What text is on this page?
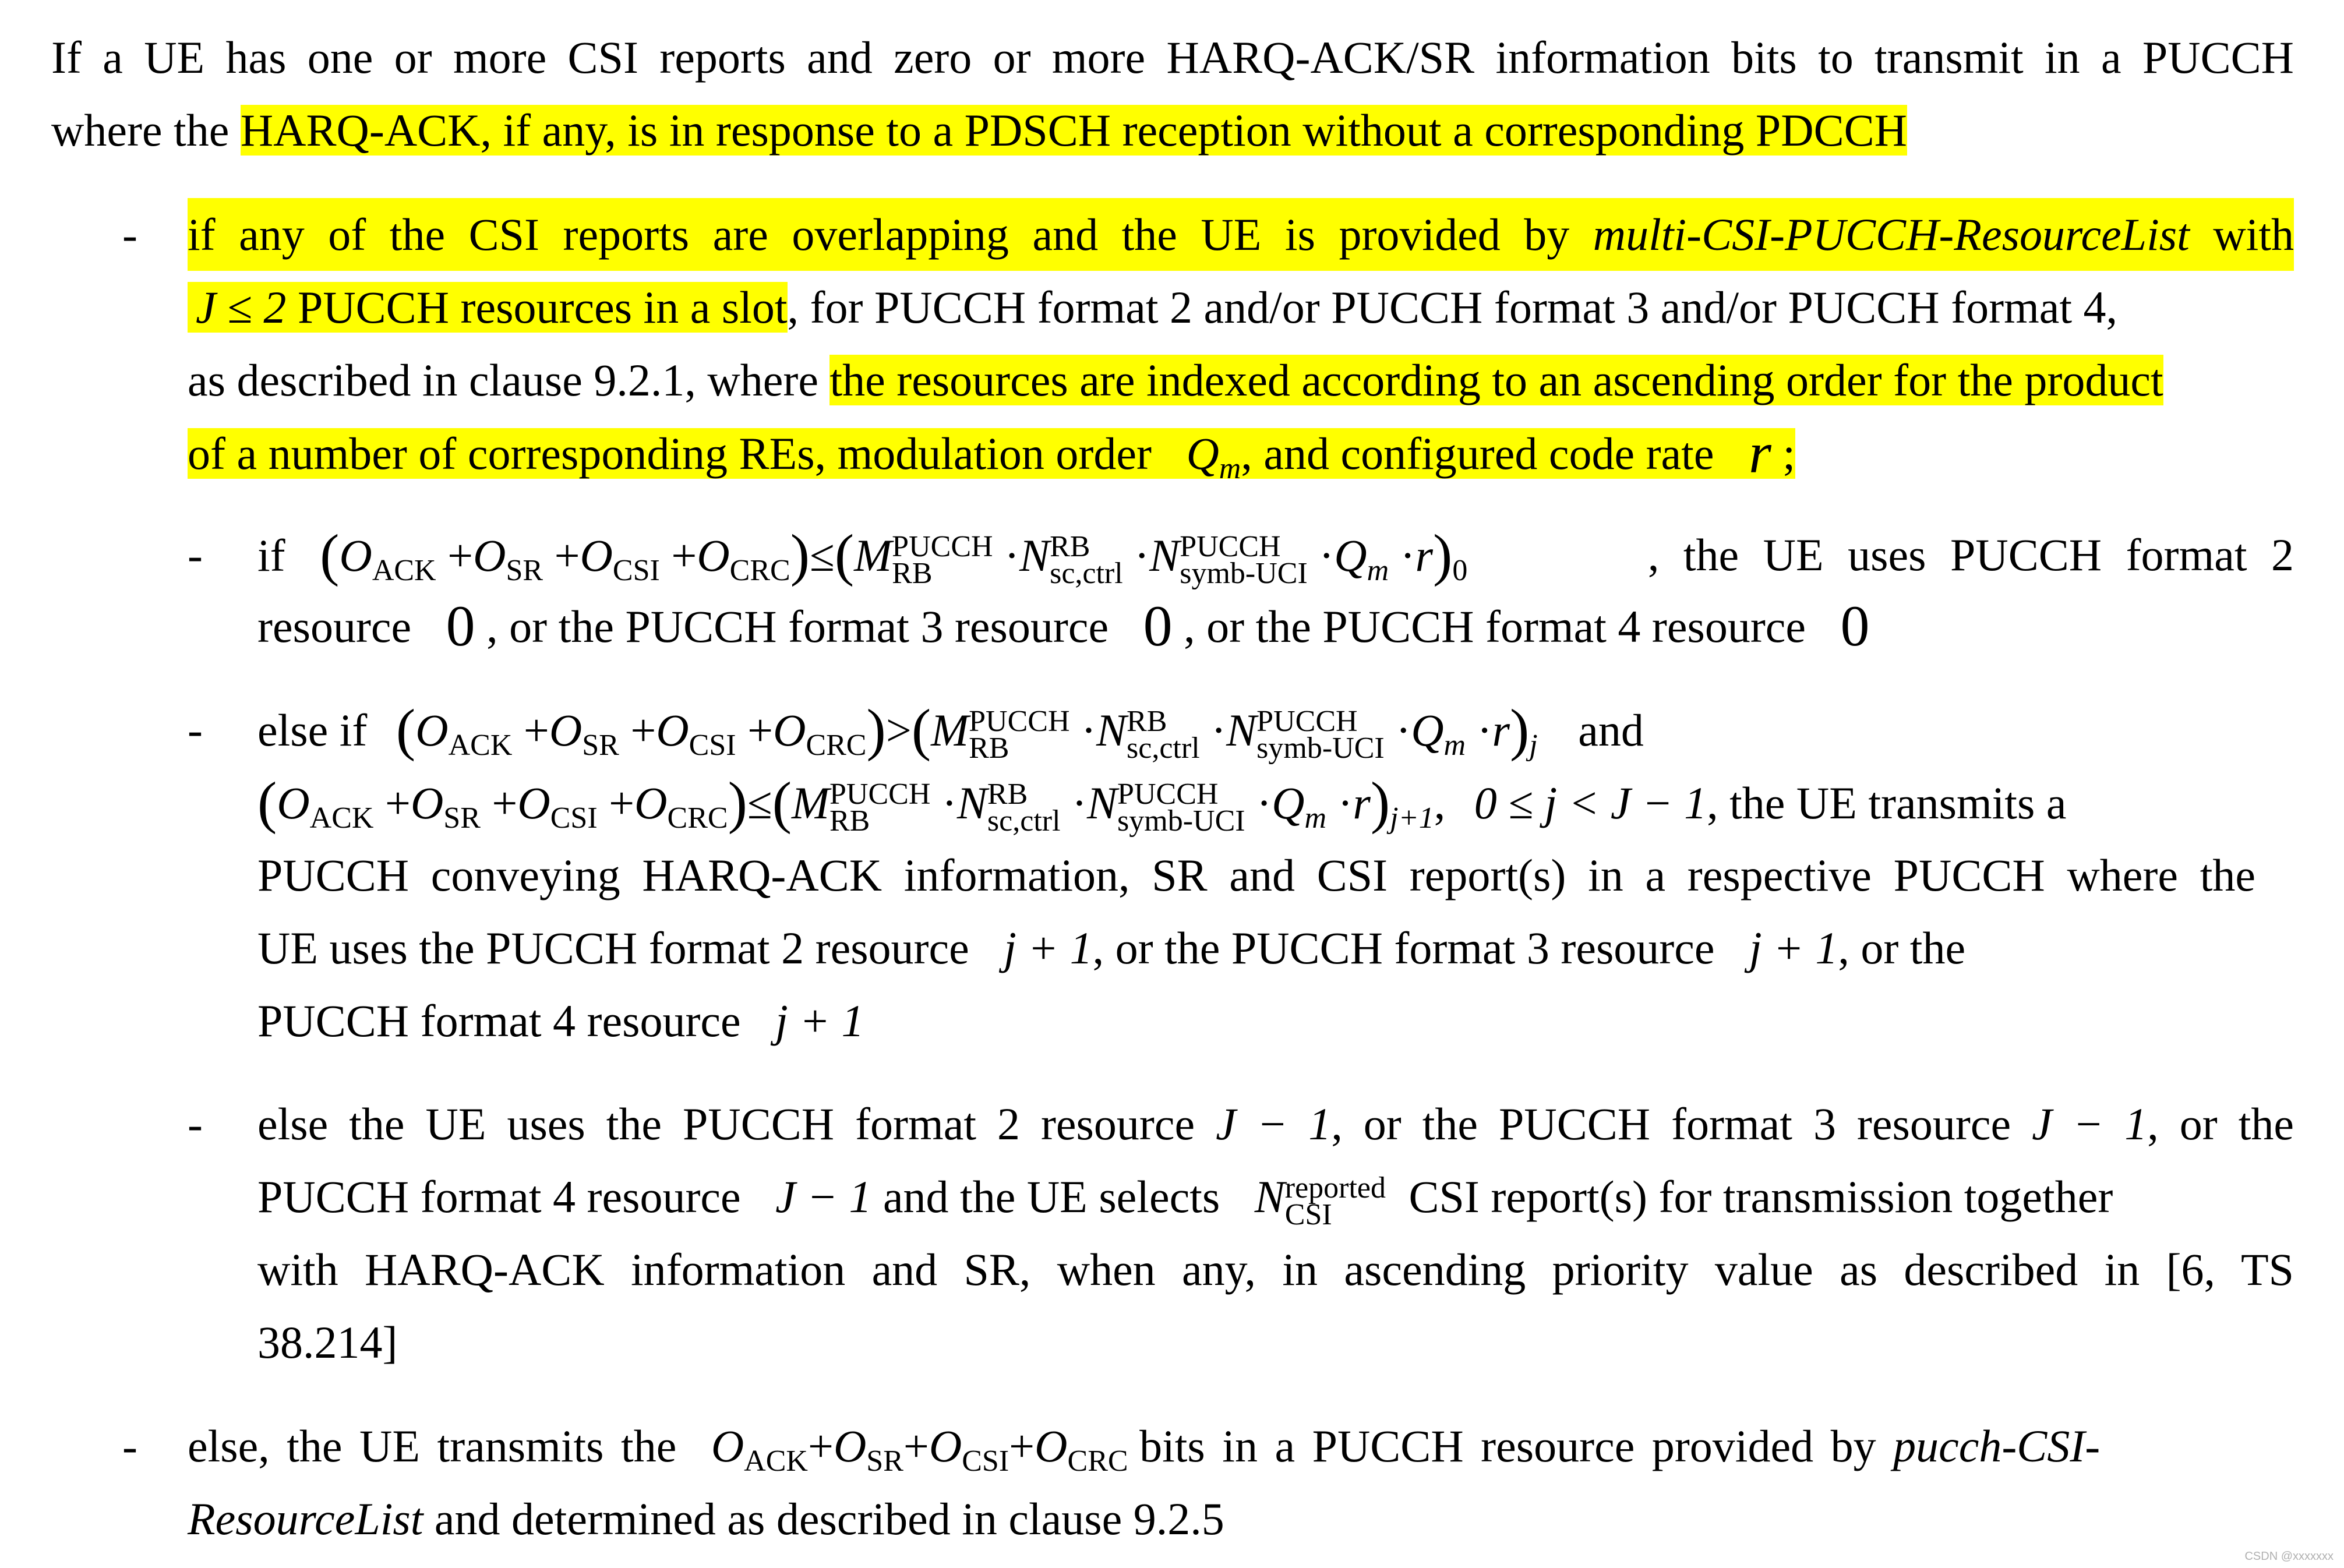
If a UE has one or more CSI reports and zero or more HARQ-ACK/SR information bits to transmit in a PUCCH
where the HARQ-ACK, if any, is in response to a PDSCH reception without a corresponding PDCCH
- if any of the CSI reports are overlapping and the UE is provided by multi-CSI-PUCCH-ResourceList with
J ≤ 2 PUCCH resources in a slot, for PUCCH format 2 and/or PUCCH format 3 and/or PUCCH format 4,
as described in clause 9.2.1, where the resources are indexed according to an ascending order for the product
of a number of corresponding REs, modulation order $Q_m$, and configured code rate r ;
- if $(O_{ACK} +O_{SR} +O_{CSI} +O_{CRC})\le(M$ PUCCH
RB	·N RB
sc,ctrl ·N PUCCH
symb-UCI $\cdot Q_m \cdot r)_0$	, the UE uses PUCCH format 2
resource 0 , or the PUCCH format 3 resource 0 , or the PUCCH format 4 resource 0
- else if $(O_{ACK} +O_{SR} +O_{CSI} +O_{CRC})>(M$ PUCCH
RB	·N RB
sc,ctrl ·N PUCCH
symb-UCI $\cdot Q_m \cdot r)_j$ and
$(O_{ACK} +O_{SR} +O_{CSI} +O_{CRC})\le(M$ PUCCH
RB	·N RB
sc,ctrl ·N PUCCH
symb-UCI $\cdot Q_m \cdot r)_{j+1}$, 0 ≤ j < J − 1, the UE transmits a
PUCCH conveying HARQ-ACK information, SR and CSI report(s) in a respective PUCCH where the
UE uses the PUCCH format 2 resource j + 1, or the PUCCH format 3 resource j + 1, or the
PUCCH format 4 resource j + 1
- else the UE uses the PUCCH format 2 resource J − 1, or the PUCCH format 3 resource J − 1, or the
PUCCH format 4 resource J − 1 and the UE selects N reported
CSI	CSI report(s) for transmission together
with HARQ-ACK information and SR, when any, in ascending priority value as described in [6, TS
38.214]
- else, the UE transmits the $O_{ACK}+O_{SR}+O_{CSI}+O_{CRC}$ bits in a PUCCH resource provided by pucch-CSI-
ResourceList and determined as described in clause 9.2.5
CSDN @xxxxxxx
